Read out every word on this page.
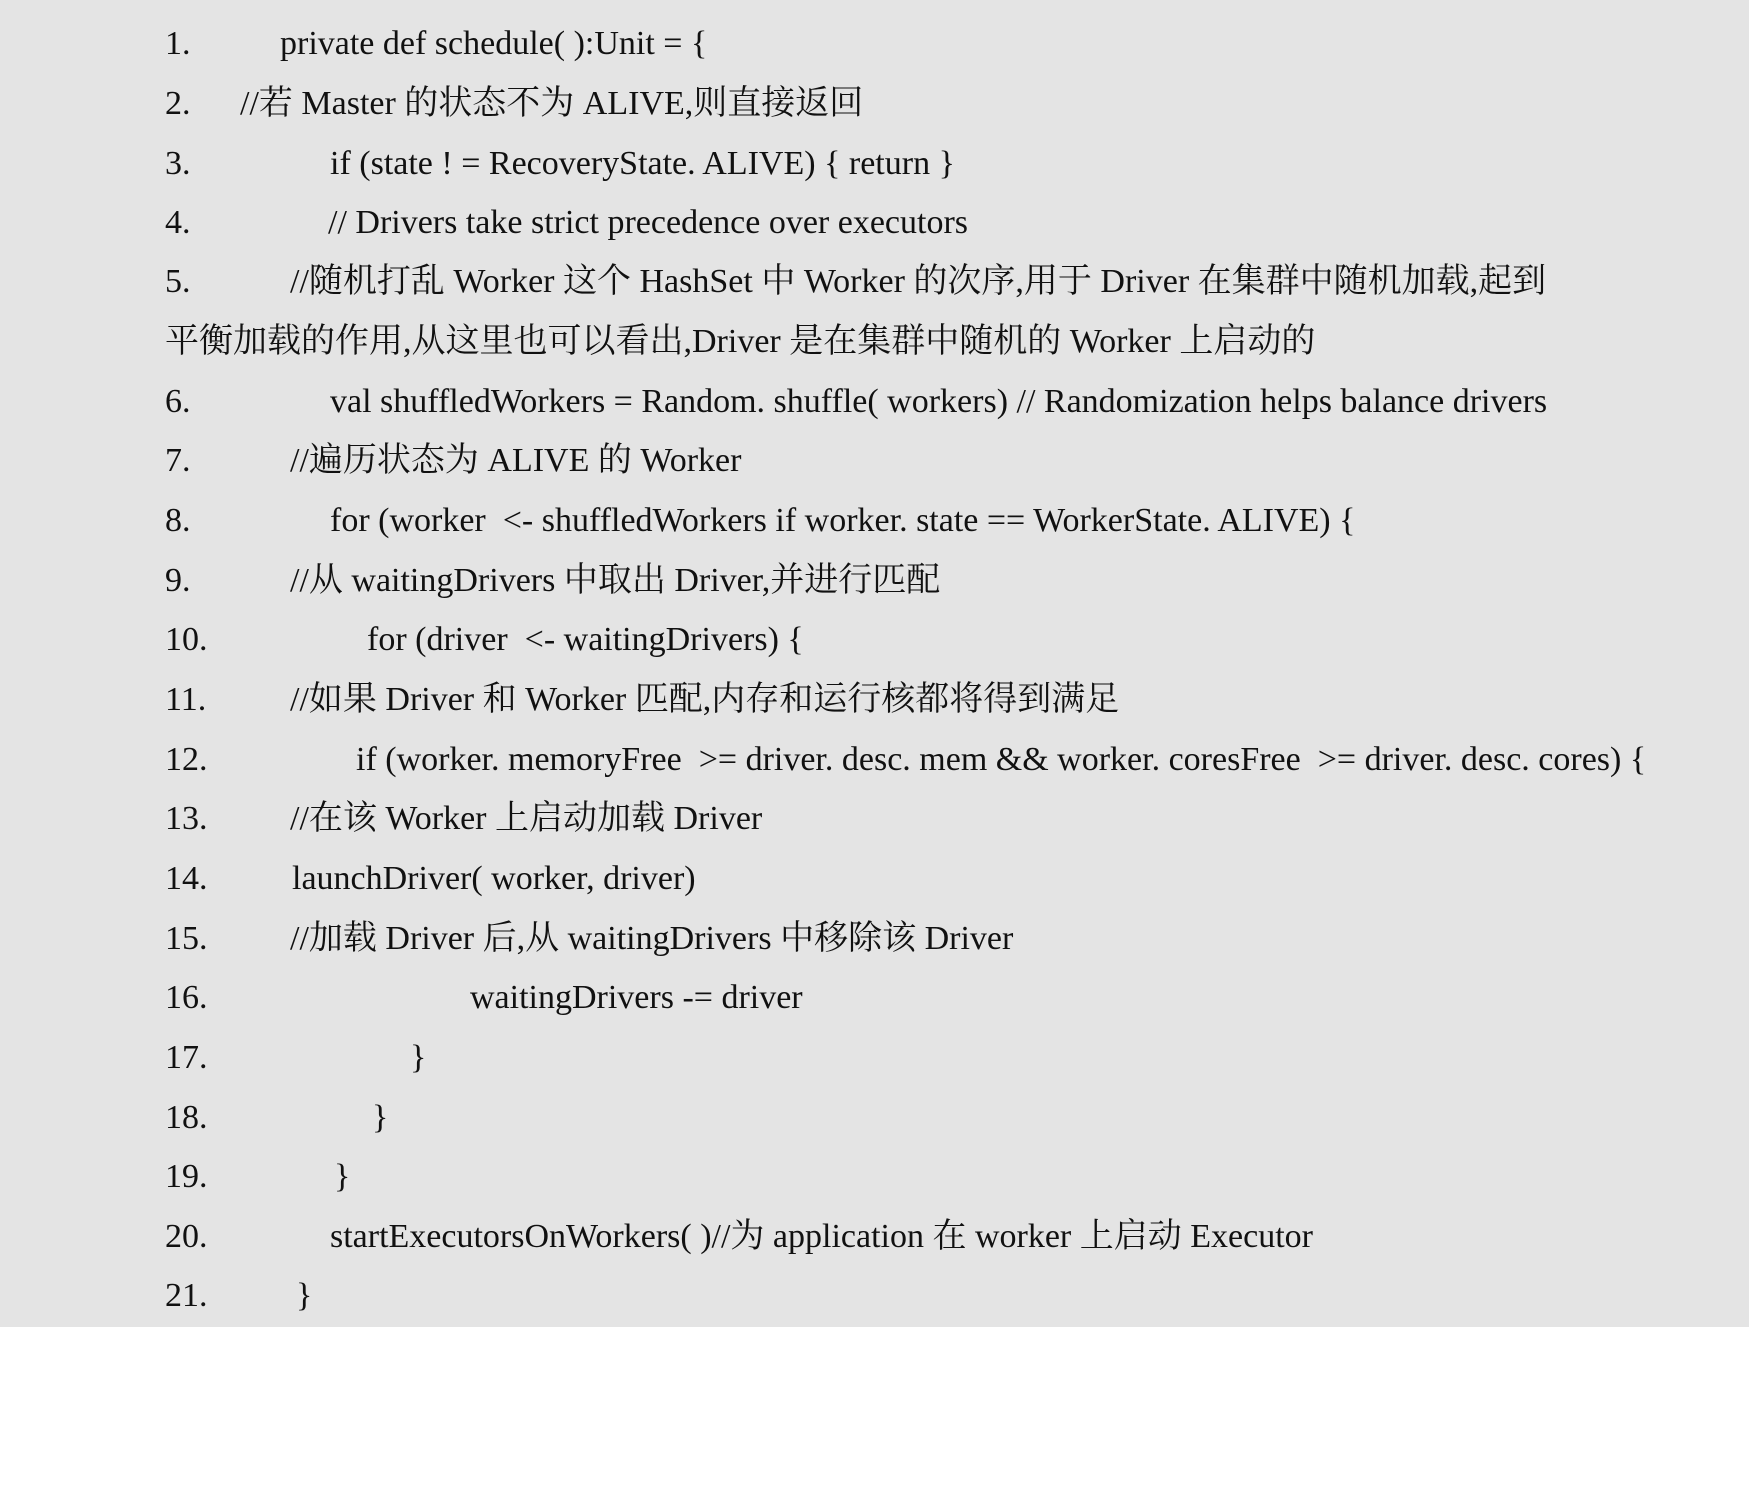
1.

	private def schedule( ):Unit = {

2.

//若 Master 的状态不为 ALIVE,则直接返回

3.

	if (state ! = RecoveryState. ALIVE) { return }

4.

	// Drivers take strict precedence over executors

5.

	//随机打乱 Worker 这个 HashSet 中 Worker 的次序,用于 Driver 在集群中随机加载,起到

平衡加载的作用,从这里也可以看出,Driver 是在集群中随机的 Worker 上启动的

6.

	val shuffledWorkers = Random. shuffle( workers) // Randomization helps balance drivers

7.

	//遍历状态为 ALIVE 的 Worker

8.

	for (worker  <- shuffledWorkers if worker. state == WorkerState. ALIVE) {

9.

	//从 waitingDrivers 中取出 Driver,并进行匹配

10.

	for (driver  <- waitingDrivers) {

11.

//如果 Driver 和 Worker 匹配,内存和运行核都将得到满足

12.

	if (worker. memoryFree  >= driver. desc. mem && worker. coresFree  >= driver. desc. cores) {

13.

//在该 Worker 上启动加载 Driver

14.

launchDriver( worker, driver)

15.

//加载 Driver 后,从 waitingDrivers 中移除该 Driver

16.

	waitingDrivers -= driver

17.

	}

18.

	}

19.

	}

20.

	startExecutorsOnWorkers( )//为 application 在 worker 上启动 Executor

21.

	}
